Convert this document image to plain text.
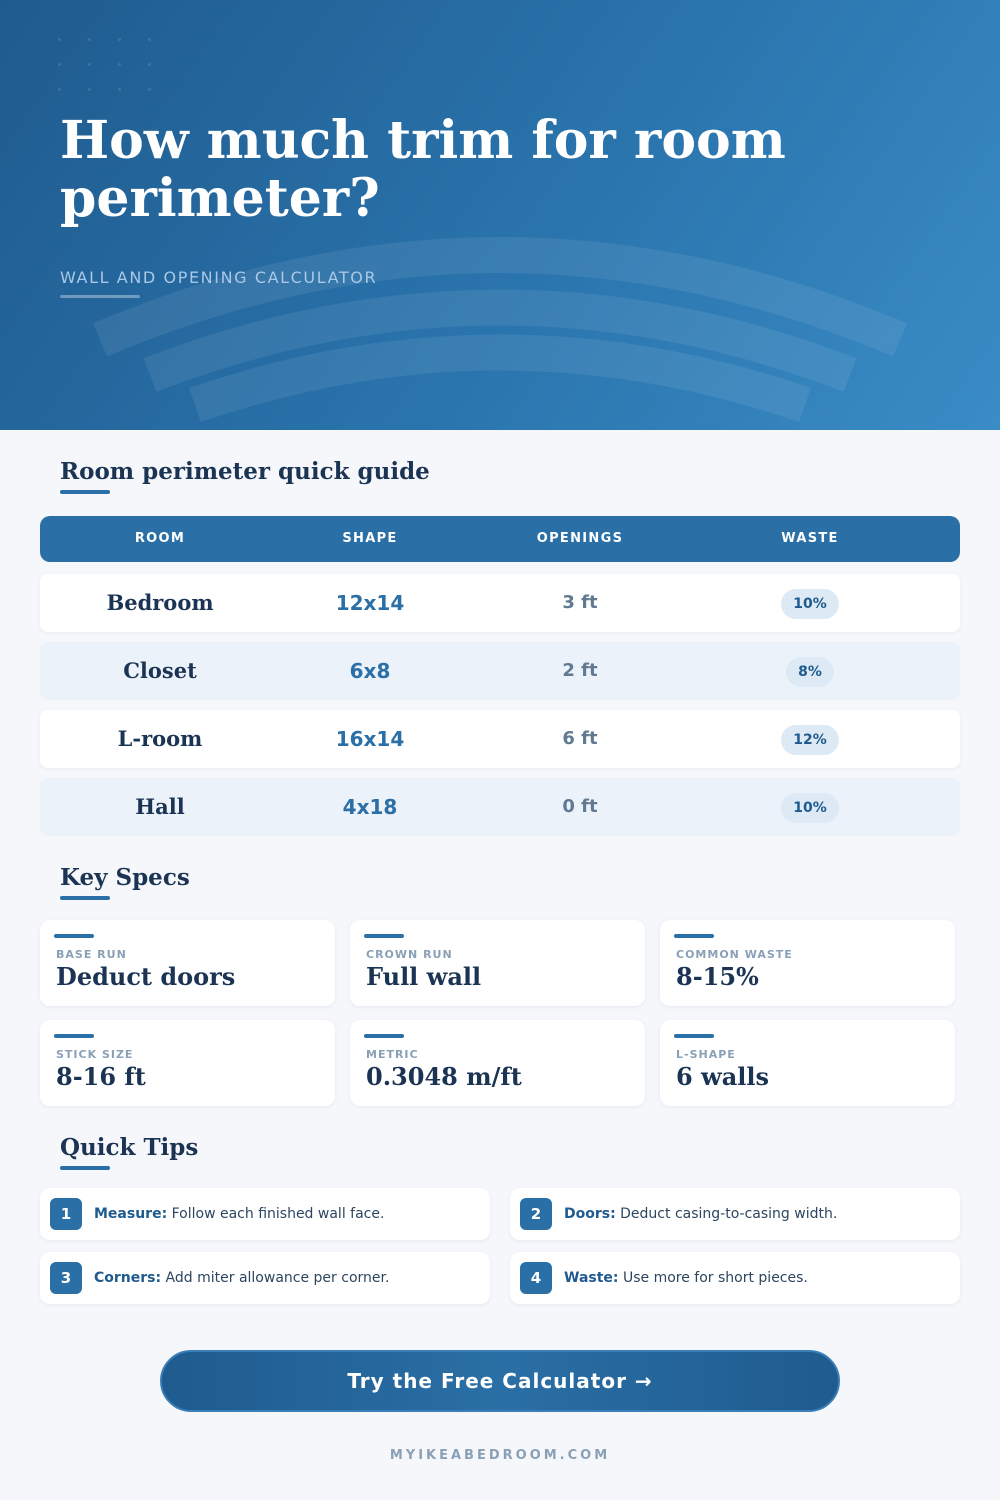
How much trim for room perimeter?
WALL AND OPENING CALCULATOR
Room perimeter quick guide
ROOM	SHAPE	OPENINGS	WASTE
Bedroom	12x14	3 ft	10%
Closet	6x8	2 ft	8%
L-room	16x14	6 ft	12%
Hall	4x18	0 ft	10%
Key Specs
BASE RUN
Deduct doors
CROWN RUN
Full wall
COMMON WASTE
8-15%
STICK SIZE
8-16 ft
METRIC
0.3048 m/ft
L-SHAPE
6 walls
Quick Tips
1	Measure: Follow each finished wall face.	2	Doors: Deduct casing-to-casing width.
3	Corners: Add miter allowance per corner.	4	Waste: Use more for short pieces.
Try the Free Calculator →
MYIKEABEDROOM.COM
